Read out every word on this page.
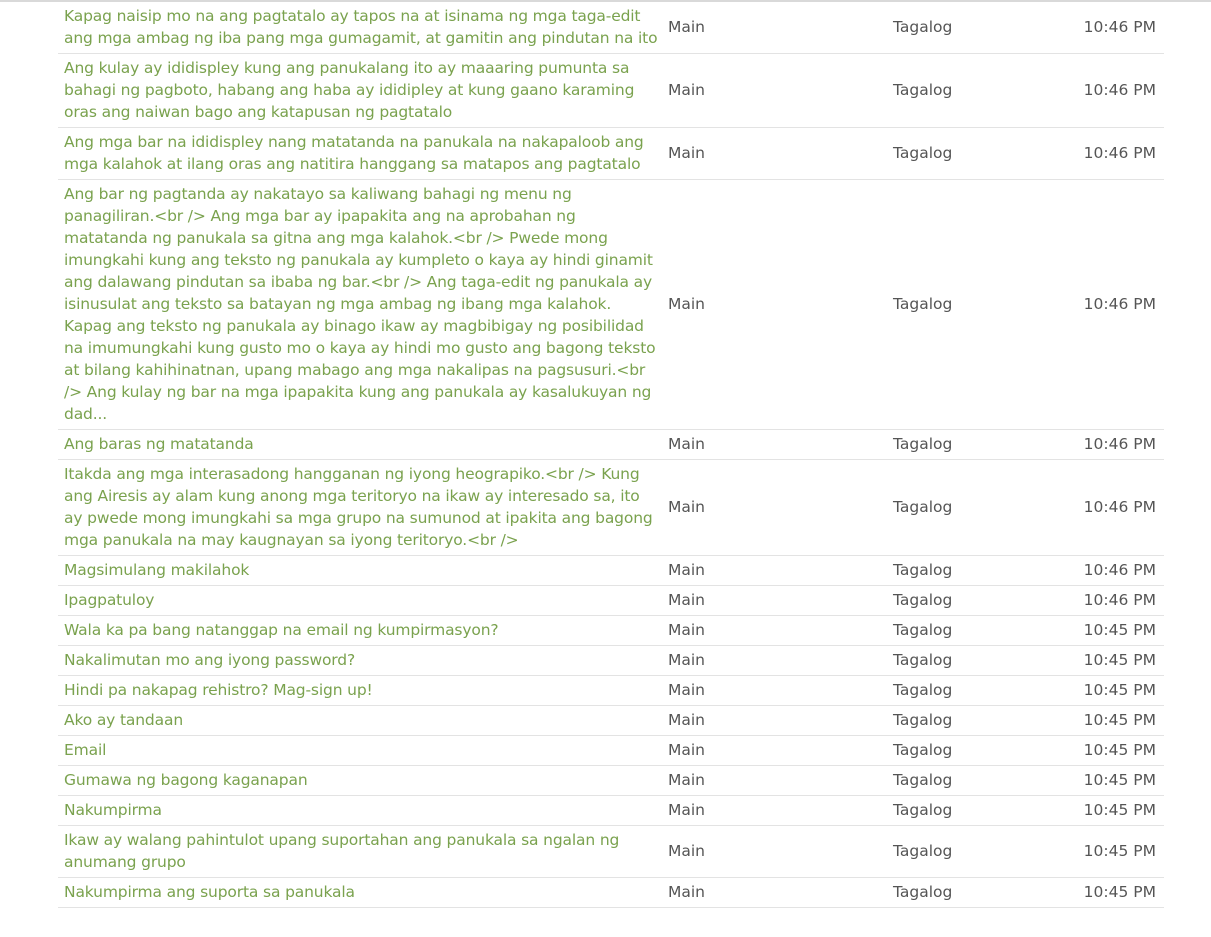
Kapag naisip mo na ang pagtatalo ay tapos na at isinama ng mga taga-edit ang mga ambag ng iba pang mga gumagamit, at gamitin ang pindutan na ito
Main	Tagalog	10:46 PM
Ang kulay ay ididispley kung ang panukalang ito ay maaaring pumunta sa bahagi ng pagboto, habang ang haba ay ididipley at kung gaano karaming oras ang naiwan bago ang katapusan ng pagtatalo
Main	Tagalog	10:46 PM
Ang mga bar na ididispley nang matatanda na panukala na nakapaloob ang mga kalahok at ilang oras ang natitira hanggang sa matapos ang pagtatalo
Main	Tagalog	10:46 PM
Ang bar ng pagtanda ay nakatayo sa kaliwang bahagi ng menu ng panagiliran.<br /> Ang mga bar ay ipapakita ang na aprobahan ng matatanda ng panukala sa gitna ang mga kalahok.<br /> Pwede mong imungkahi kung ang teksto ng panukala ay kumpleto o kaya ay hindi ginamit ang dalawang pindutan sa ibaba ng bar.<br /> Ang taga-edit ng panukala ay isinusulat ang teksto sa batayan ng mga ambag ng ibang mga kalahok. Kapag ang teksto ng panukala ay binago ikaw ay magbibigay ng posibilidad na imumungkahi kung gusto mo o kaya ay hindi mo gusto ang bagong teksto at bilang kahihinatnan, upang mabago ang mga nakalipas na pagsusuri.<br /> Ang kulay ng bar na mga ipapakita kung ang panukala ay kasalukuyan ng dad...
Main	Tagalog	10:46 PM
Ang baras ng matatanda	Main	Tagalog	10:46 PM
Itakda ang mga interasadong hangganan ng iyong heograpiko.<br /> Kung ang Airesis ay alam kung anong mga teritoryo na ikaw ay interesado sa, ito ay pwede mong imungkahi sa mga grupo na sumunod at ipakita ang bagong mga panukala na may kaugnayan sa iyong teritoryo.<br />
Main	Tagalog	10:46 PM
Magsimulang makilahok	Main	Tagalog	10:46 PM
Ipagpatuloy	Main	Tagalog	10:46 PM
Wala ka pa bang natanggap na email ng kumpirmasyon?	Main	Tagalog	10:45 PM
Nakalimutan mo ang iyong password?	Main	Tagalog	10:45 PM
Hindi pa nakapag rehistro? Mag-sign up!	Main	Tagalog	10:45 PM
Ako ay tandaan	Main	Tagalog	10:45 PM
Email	Main	Tagalog	10:45 PM
Gumawa ng bagong kaganapan	Main	Tagalog	10:45 PM
Nakumpirma	Main	Tagalog	10:45 PM
Ikaw ay walang pahintulot upang suportahan ang panukala sa ngalan ng anumang grupo
Main	Tagalog	10:45 PM
Nakumpirma ang suporta sa panukala	Main	Tagalog	10:45 PM
